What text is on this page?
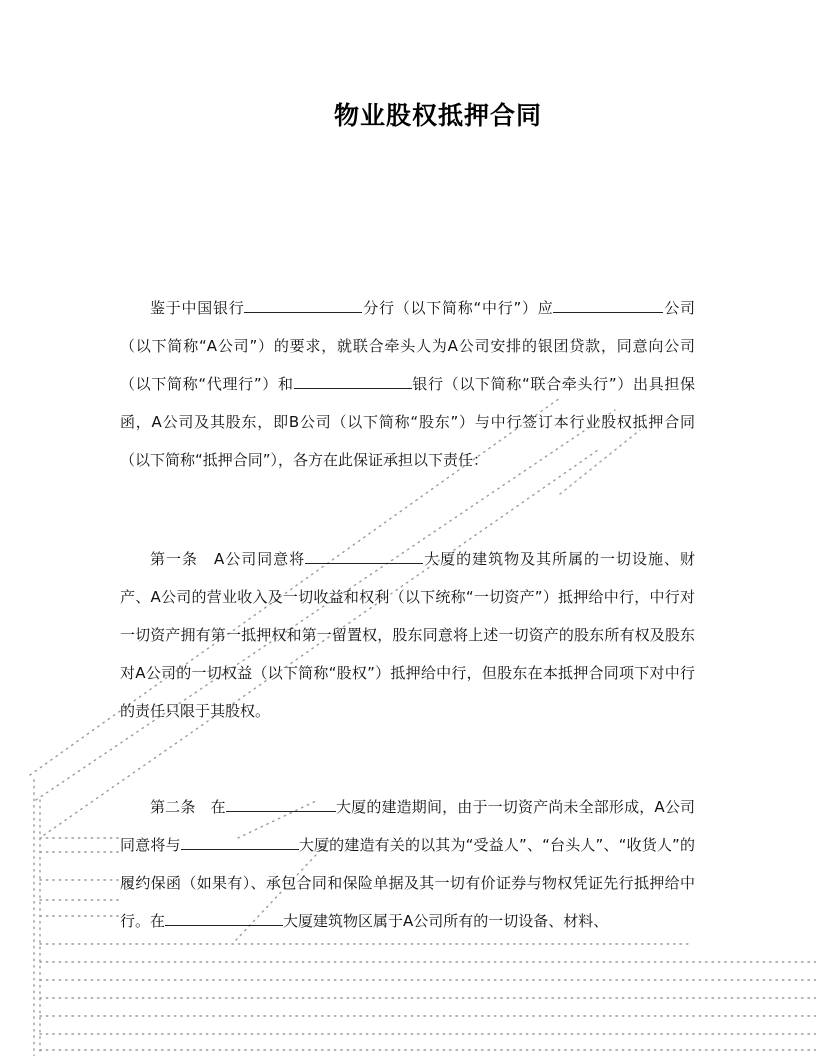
物业股权抵押合同

鉴于中国银行	分行（以下简称“中行”）应	公司（以下简称“A公司”）的要求，就联合牵头人为A公司安排的银团贷款，同意向公司（以下简称“代理行”）和	银行（以下简称“联合牵头行”）出具担保函，A公司及其股东，即B公司（以下简称“股东”）与中行签订本行业股权抵押合同（以下简称“抵押合同”），各方在此保证承担以下责任：

第一条　A公司同意将	大厦的建筑物及其所属的一切设施、财产、A公司的营业收入及一切收益和权利（以下统称“一切资产”）抵押给中行，中行对一切资产拥有第一抵押权和第一留置权，股东同意将上述一切资产的股东所有权及股东对A公司的一切权益（以下简称“股权”）抵押给中行，但股东在本抵押合同项下对中行的责任只限于其股权。

第二条　在	大厦的建造期间，由于一切资产尚未全部形成，A公司同意将与	大厦的建造有关的以其为“受益人”、“台头人”、“收货人”的履约保函（如果有）、承包合同和保险单据及其一切有价证券与物权凭证先行抵押给中行。在	大厦建筑物区属于A公司所有的一切设备、材料、
